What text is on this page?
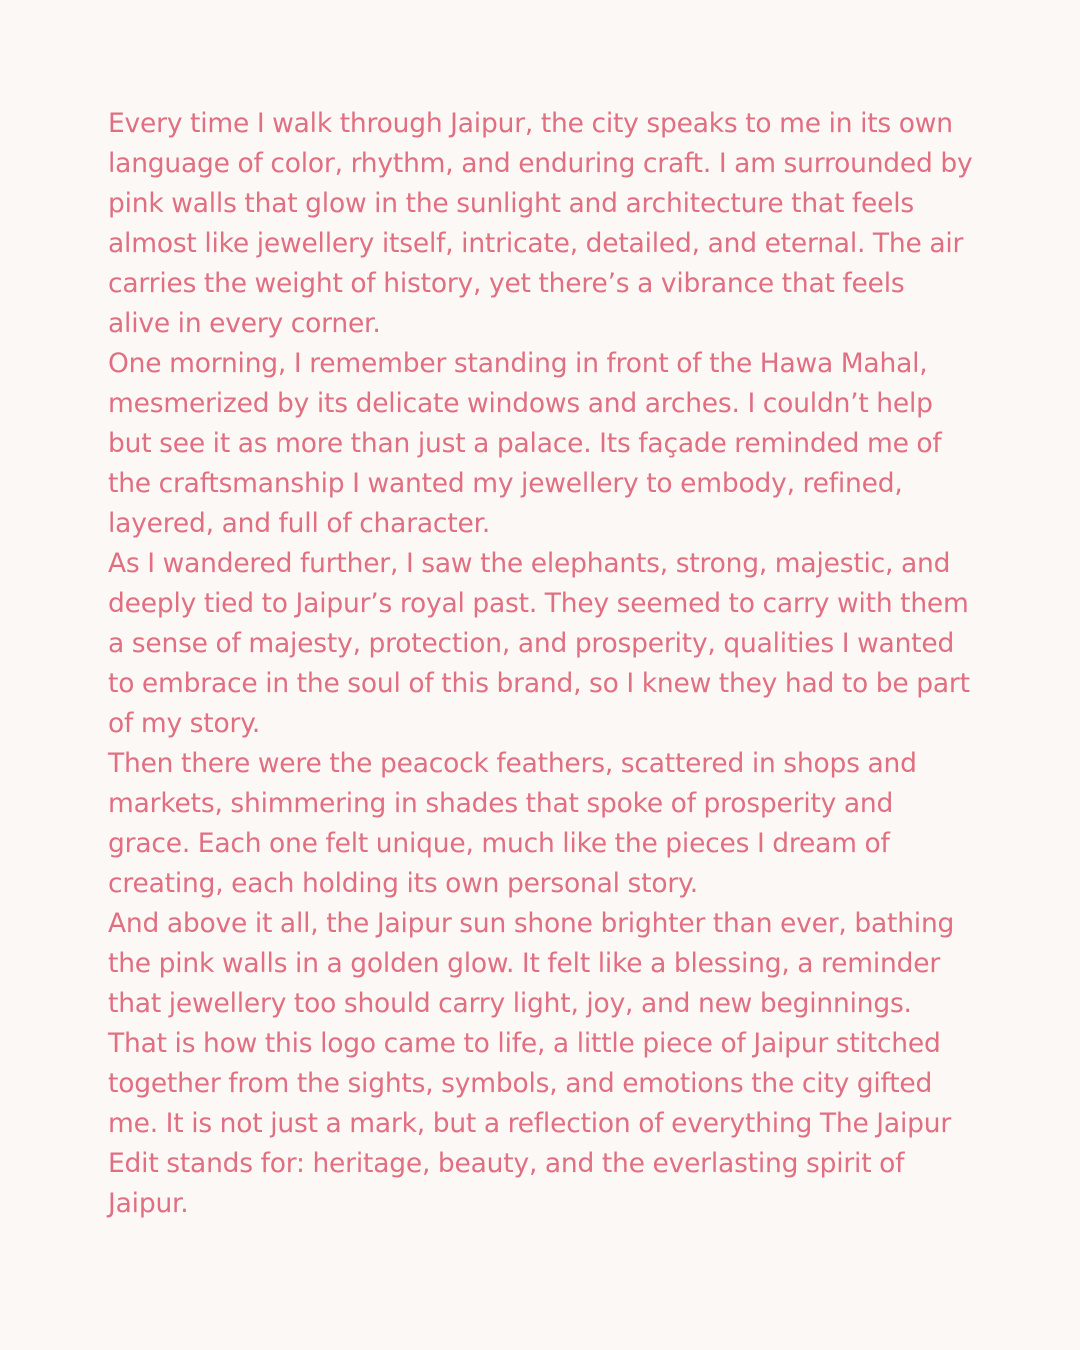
Every time I walk through Jaipur, the city speaks to me in its own language of color, rhythm, and enduring craft. I am surrounded by pink walls that glow in the sunlight and architecture that feels almost like jewellery itself, intricate, detailed, and eternal. The air carries the weight of history, yet there’s a vibrance that feels alive in every corner.

One morning, I remember standing in front of the Hawa Mahal, mesmerized by its delicate windows and arches. I couldn’t help but see it as more than just a palace. Its façade reminded me of the craftsmanship I wanted my jewellery to embody, refined, layered, and full of character.

As I wandered further, I saw the elephants, strong, majestic, and deeply tied to Jaipur’s royal past. They seemed to carry with them a sense of majesty, protection, and prosperity, qualities I wanted to embrace in the soul of this brand, so I knew they had to be part of my story.

Then there were the peacock feathers, scattered in shops and markets, shimmering in shades that spoke of prosperity and grace. Each one felt unique, much like the pieces I dream of creating, each holding its own personal story.

And above it all, the Jaipur sun shone brighter than ever, bathing the pink walls in a golden glow. It felt like a blessing, a reminder that jewellery too should carry light, joy, and new beginnings.

That is how this logo came to life, a little piece of Jaipur stitched together from the sights, symbols, and emotions the city gifted me. It is not just a mark, but a reflection of everything The Jaipur Edit stands for: heritage, beauty, and the everlasting spirit of Jaipur.
